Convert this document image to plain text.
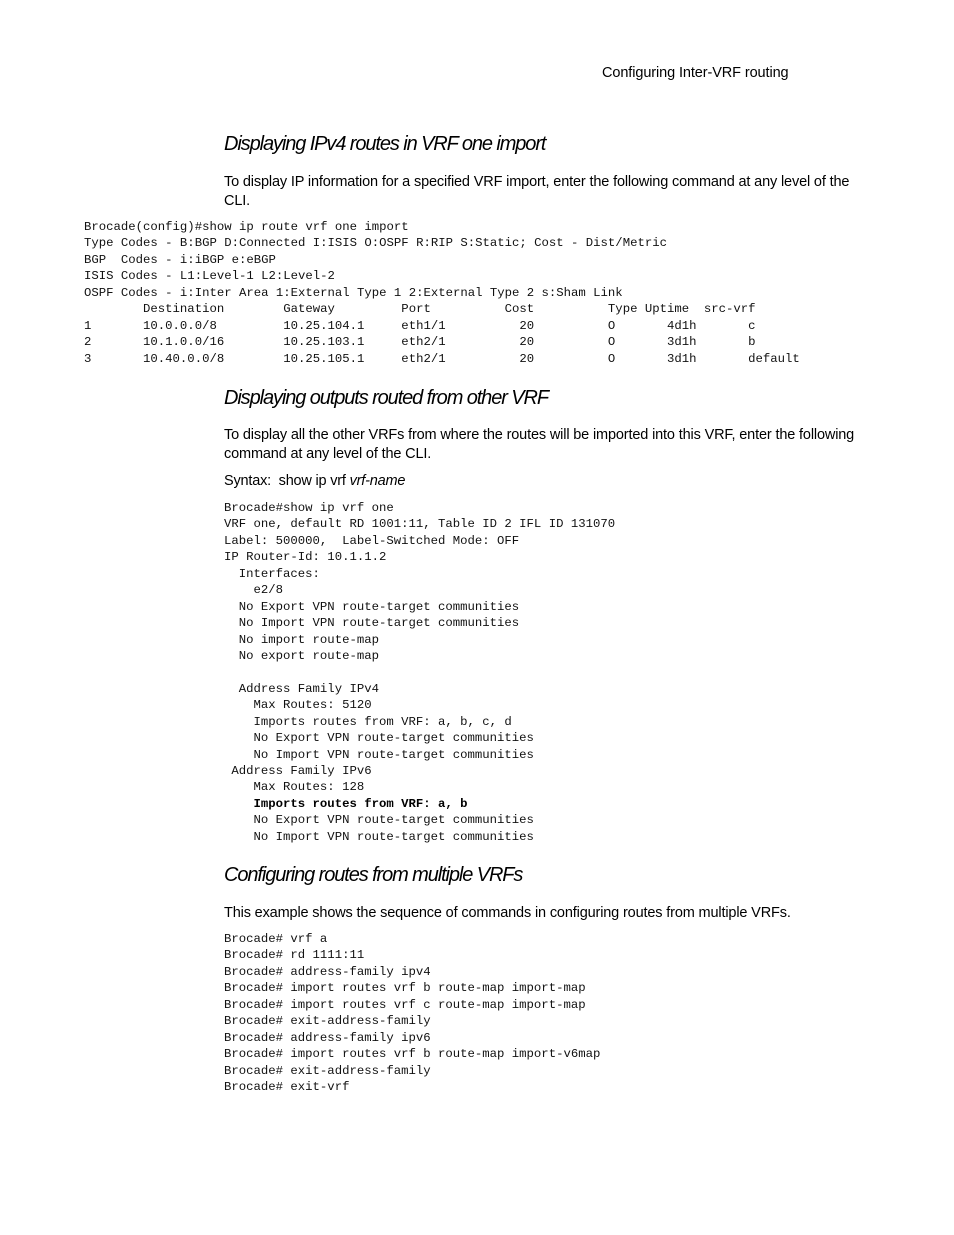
Configuring Inter-VRF routing
Displaying IPv4 routes in VRF one import
To display IP information for a specified VRF import, enter the following command at any level of the CLI.
Brocade(config)#show ip route vrf one import
Type Codes - B:BGP D:Connected I:ISIS O:OSPF R:RIP S:Static; Cost - Dist/Metric
BGP  Codes - i:iBGP e:eBGP
ISIS Codes - L1:Level-1 L2:Level-2
OSPF Codes - i:Inter Area 1:External Type 1 2:External Type 2 s:Sham Link
Destination        Gateway         Port          Cost          Type Uptime  src-vrf
1       10.0.0.0/8         10.25.104.1     eth1/1          20          O       4d1h       c
2       10.1.0.0/16        10.25.103.1     eth2/1          20          O       3d1h       b
3       10.40.0.0/8        10.25.105.1     eth2/1          20          O       3d1h       default
Displaying outputs routed from other VRF
To display all the other VRFs from where the routes will be imported into this VRF, enter the following command at any level of the CLI.
Syntax: show ip vrf vrf-name
Brocade#show ip vrf one
VRF one, default RD 1001:11, Table ID 2 IFL ID 131070
Label: 500000,  Label-Switched Mode: OFF
IP Router-Id: 10.1.1.2
Interfaces:
e2/8
No Export VPN route-target communities
No Import VPN route-target communities
No import route-map
No export route-map
Address Family IPv4
Max Routes: 5120
Imports routes from VRF: a, b, c, d
No Export VPN route-target communities
No Import VPN route-target communities
Address Family IPv6
Max Routes: 128
Imports routes from VRF: a, b
No Export VPN route-target communities
No Import VPN route-target communities
Configuring routes from multiple VRFs
This example shows the sequence of commands in configuring routes from multiple VRFs.
Brocade# vrf a
Brocade# rd 1111:11
Brocade# address-family ipv4
Brocade# import routes vrf b route-map import-map
Brocade# import routes vrf c route-map import-map
Brocade# exit-address-family
Brocade# address-family ipv6
Brocade# import routes vrf b route-map import-v6map
Brocade# exit-address-family
Brocade# exit-vrf
